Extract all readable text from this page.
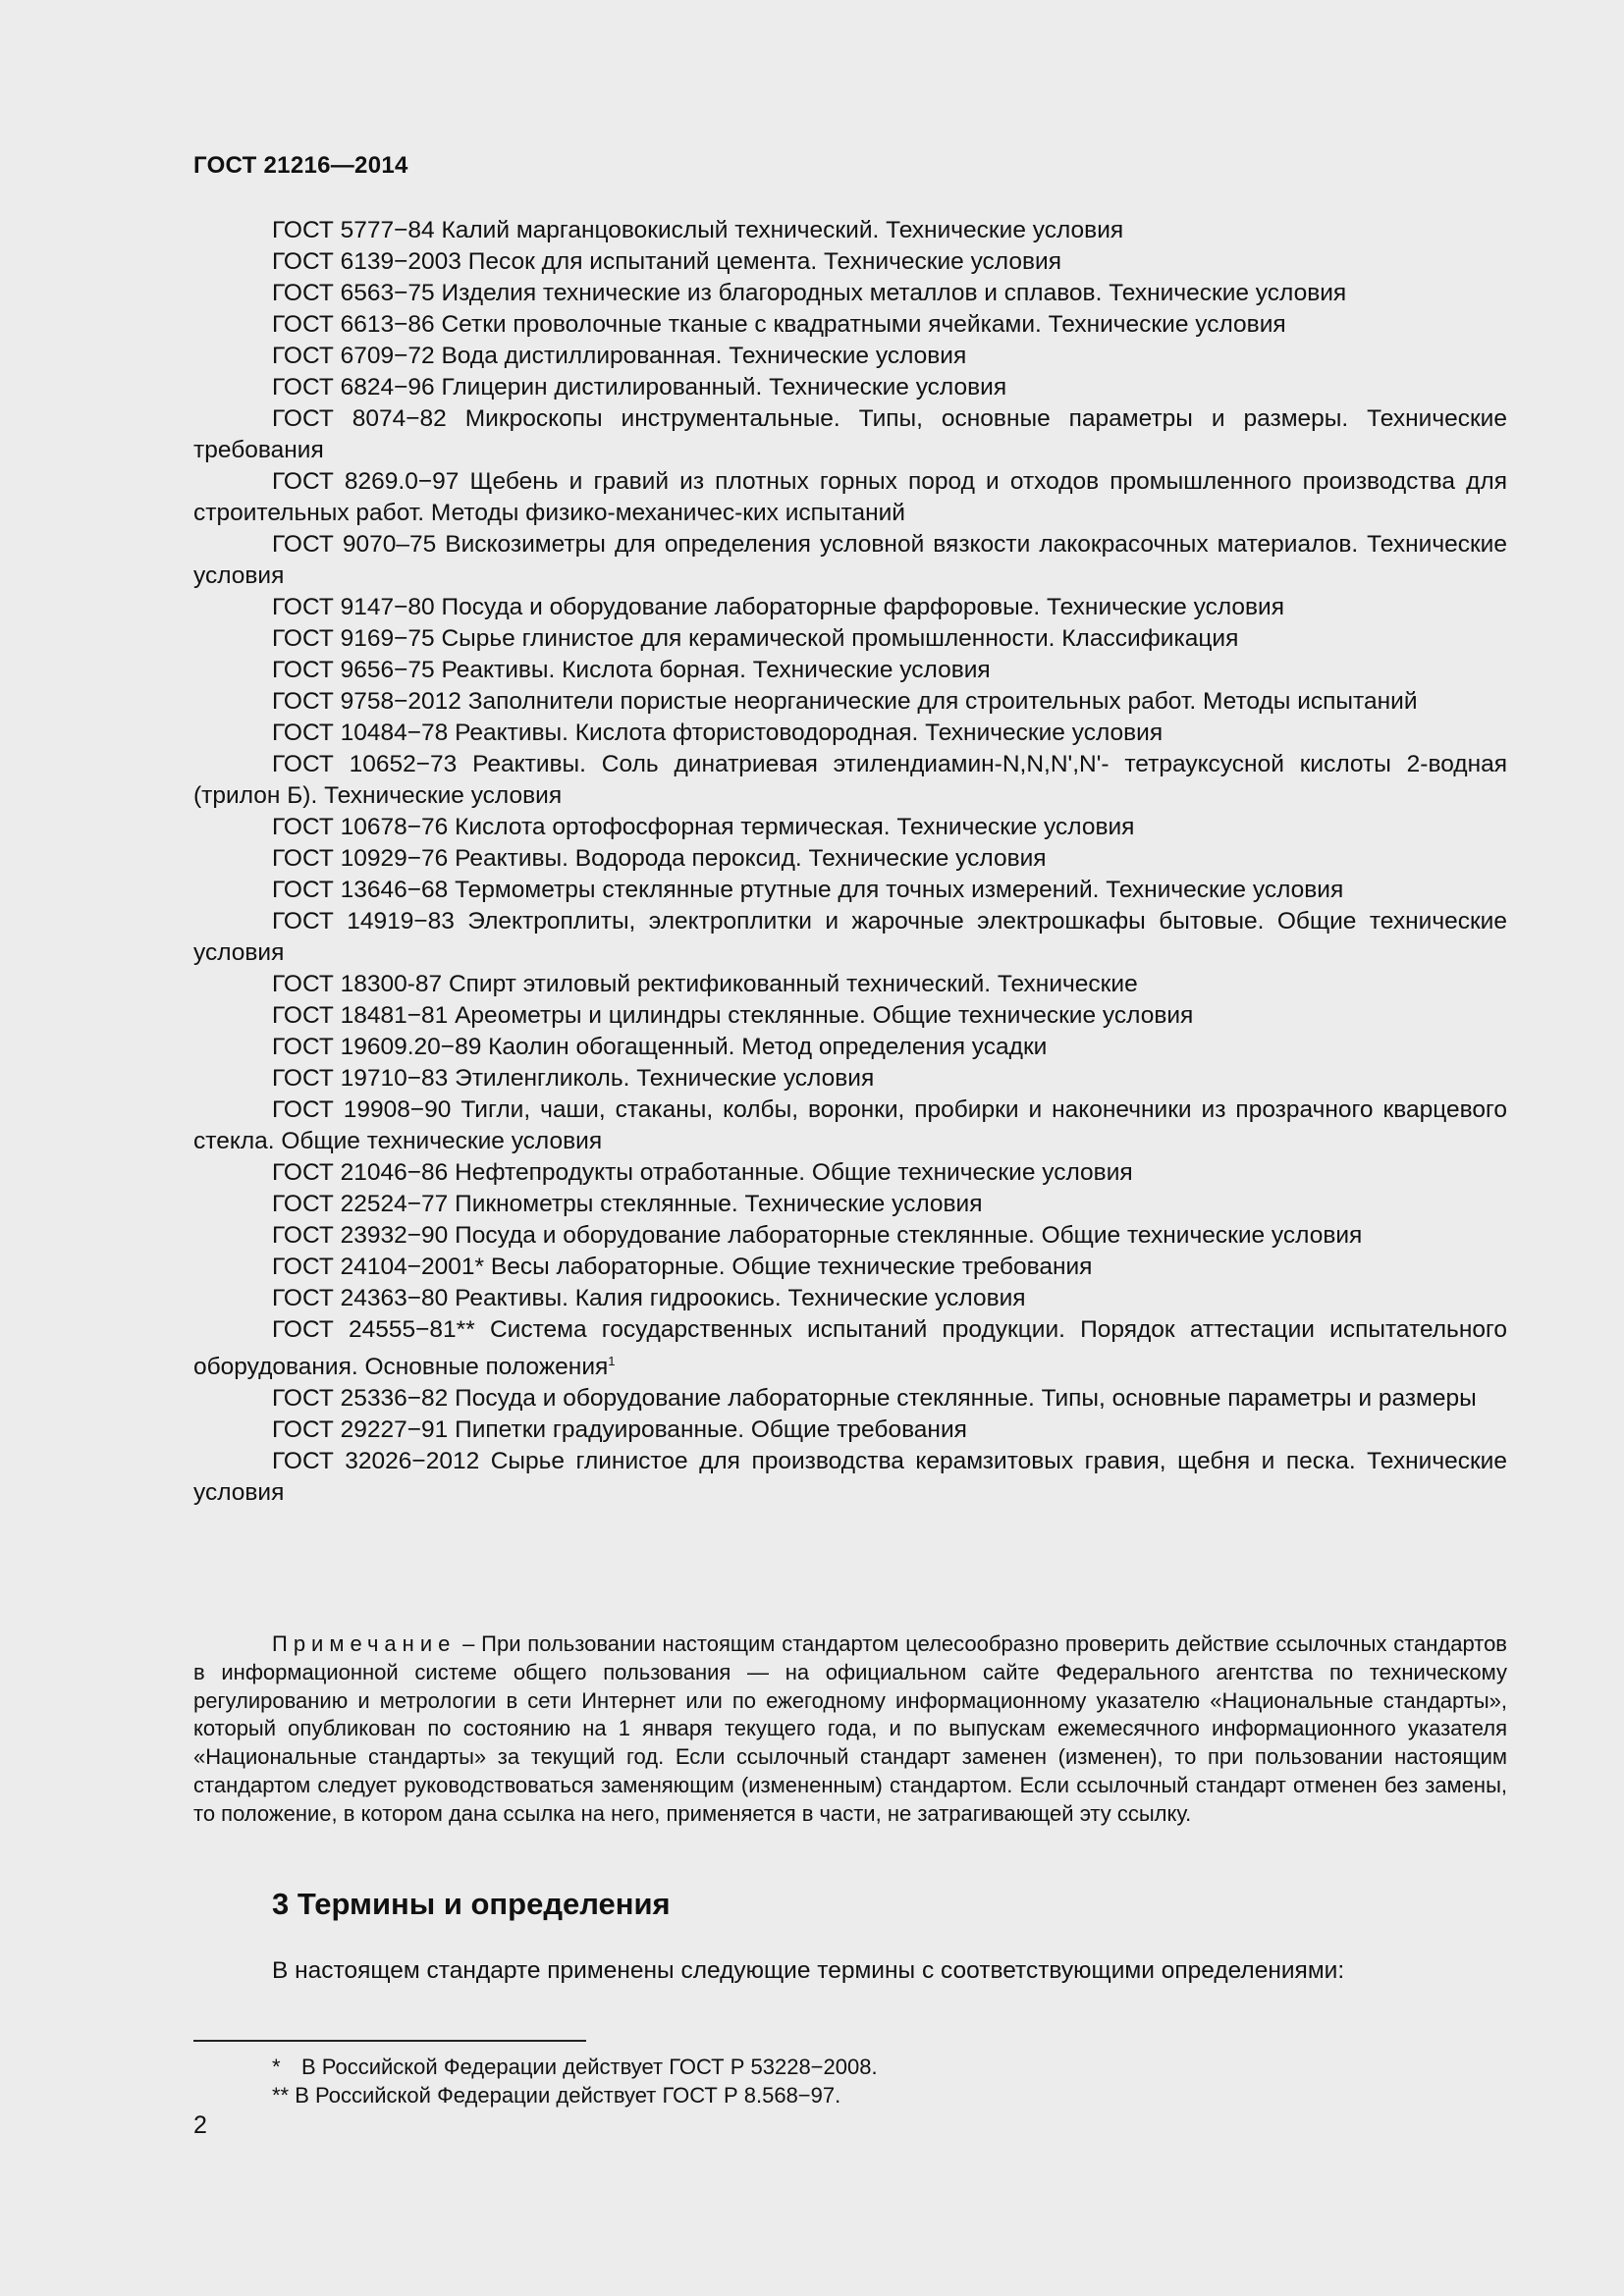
ГОСТ 21216—2014
ГОСТ 5777−84 Калий марганцовокислый технический. Технические условия
ГОСТ 6139−2003 Песок для испытаний цемента. Технические условия
ГОСТ 6563−75 Изделия технические из благородных металлов и сплавов. Технические условия
ГОСТ 6613−86 Сетки проволочные тканые с квадратными ячейками. Технические условия
ГОСТ 6709−72 Вода дистиллированная. Технические условия
ГОСТ 6824−96 Глицерин дистилированный. Технические условия
ГОСТ 8074−82 Микроскопы инструментальные. Типы, основные параметры и размеры. Технические требования
ГОСТ 8269.0−97 Щебень и гравий из плотных горных пород и отходов промышленного производства для строительных работ. Методы физико-механичес-ких испытаний
ГОСТ 9070–75 Вискозиметры для определения условной вязкости лакокрасочных материалов. Технические условия
ГОСТ 9147−80 Посуда и оборудование лабораторные фарфоровые. Технические условия
ГОСТ 9169−75 Сырье глинистое для керамической промышленности. Классификация
ГОСТ 9656−75 Реактивы. Кислота борная. Технические условия
ГОСТ 9758−2012 Заполнители пористые неорганические для строительных работ. Методы испытаний
ГОСТ 10484−78 Реактивы. Кислота фтористоводородная. Технические условия
ГОСТ 10652−73 Реактивы. Соль динатриевая этилендиамин-N,N,N',N'- тетрауксусной кислоты 2-водная (трилон Б). Технические условия
ГОСТ 10678−76 Кислота ортофосфорная термическая. Технические условия
ГОСТ 10929−76 Реактивы. Водорода пероксид. Технические условия
ГОСТ 13646−68 Термометры стеклянные ртутные для точных измерений. Технические условия
ГОСТ 14919−83 Электроплиты, электроплитки и жарочные электрошкафы бытовые. Общие технические условия
ГОСТ 18300-87 Спирт этиловый ректификованный технический. Технические
ГОСТ 18481−81 Ареометры и цилиндры стеклянные. Общие технические условия
ГОСТ 19609.20−89 Каолин обогащенный. Метод определения усадки
ГОСТ 19710−83 Этиленгликоль. Технические условия
ГОСТ 19908−90 Тигли, чаши, стаканы, колбы, воронки, пробирки и наконечники из прозрачного кварцевого стекла. Общие технические условия
ГОСТ 21046−86 Нефтепродукты отработанные. Общие технические условия
ГОСТ 22524−77 Пикнометры стеклянные. Технические условия
ГОСТ 23932−90 Посуда и оборудование лабораторные стеклянные. Общие технические условия
ГОСТ 24104−2001* Весы лабораторные. Общие технические требования
ГОСТ 24363−80 Реактивы. Калия гидроокись. Технические условия
ГОСТ 24555−81** Система государственных испытаний продукции. Порядок аттестации испытательного оборудования. Основные положения$^1$
ГОСТ 25336−82 Посуда и оборудование лабораторные стеклянные. Типы, основные параметры и размеры
ГОСТ 29227−91 Пипетки градуированные. Общие требования
ГОСТ 32026−2012 Сырье глинистое для производства керамзитовых гравия, щебня и песка. Технические условия
Примечание – При пользовании настоящим стандартом целесообразно проверить действие ссылочных стандартов в информационной системе общего пользования — на официальном сайте Федерального агентства по техническому регулированию и метрологии в сети Интернет или по ежегодному информационному указателю «Национальные стандарты», который опубликован по состоянию на 1 января текущего года, и по выпускам ежемесячного информационного указателя «Национальные стандарты» за текущий год. Если ссылочный стандарт заменен (изменен), то при пользовании настоящим стандартом следует руководствоваться заменяющим (измененным) стандартом. Если ссылочный стандарт отменен без замены, то положение, в котором дана ссылка на него, применяется в части, не затрагивающей эту ссылку.
3 Термины и определения
В настоящем стандарте применены следующие термины с соответствующими определениями:
* В Российской Федерации действует ГОСТ Р 53228−2008.
** В Российской Федерации действует ГОСТ Р 8.568−97.
2
